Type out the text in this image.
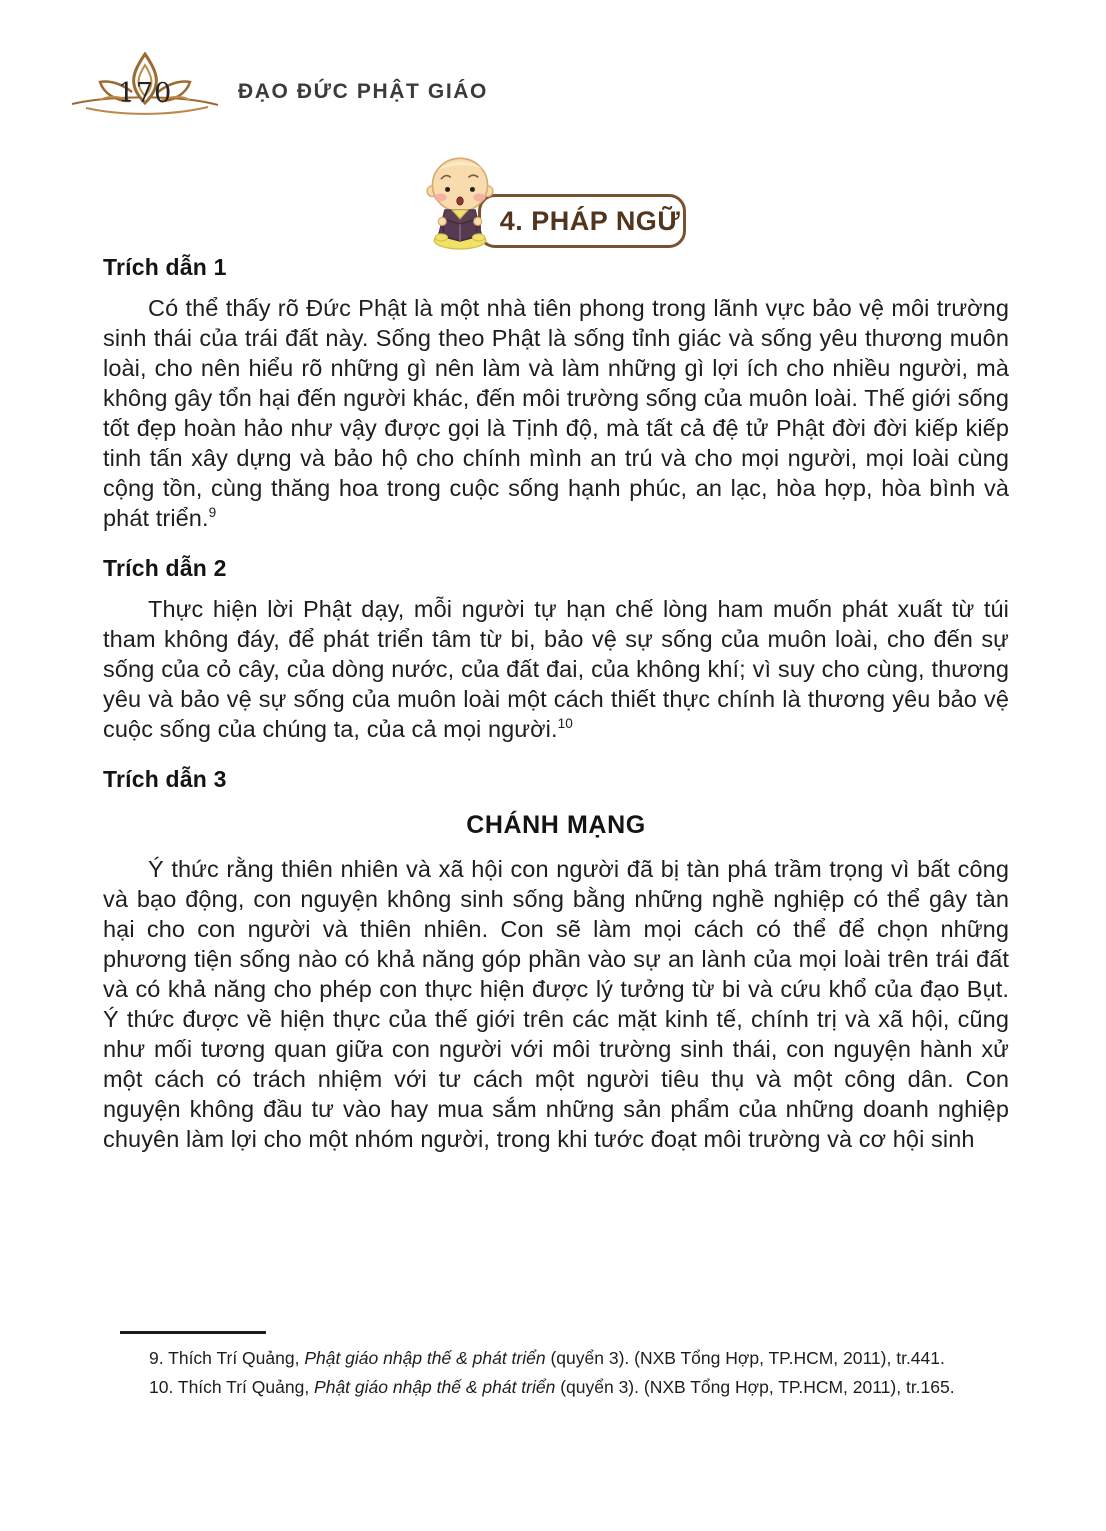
170	ĐẠO ĐỨC PHẬT GIÁO
4. PHÁP NGỮ
Trích dẫn 1

Có thể thấy rõ Đức Phật là một nhà tiên phong trong lãnh vực bảo vệ môi trường sinh thái của trái đất này. Sống theo Phật là sống tỉnh giác và sống yêu thương muôn loài, cho nên hiểu rõ những gì nên làm và làm những gì lợi ích cho nhiều người, mà không gây tổn hại đến người khác, đến môi trường sống của muôn loài. Thế giới sống tốt đẹp hoàn hảo như vậy được gọi là Tịnh độ, mà tất cả đệ tử Phật đời đời kiếp kiếp tinh tấn xây dựng và bảo hộ cho chính mình an trú và cho mọi người, mọi loài cùng cộng tồn, cùng thăng hoa trong cuộc sống hạnh phúc, an lạc, hòa hợp, hòa bình và phát triển.$^9$

Trích dẫn 2

Thực hiện lời Phật dạy, mỗi người tự hạn chế lòng ham muốn phát xuất từ túi tham không đáy, để phát triển tâm từ bi, bảo vệ sự sống của muôn loài, cho đến sự sống của cỏ cây, của dòng nước, của đất đai, của không khí; vì suy cho cùng, thương yêu và bảo vệ sự sống của muôn loài một cách thiết thực chính là thương yêu bảo vệ cuộc sống của chúng ta, của cả mọi người.$^{10}$

Trích dẫn 3
CHÁNH MẠNG

Ý thức rằng thiên nhiên và xã hội con người đã bị tàn phá trầm trọng vì bất công và bạo động, con nguyện không sinh sống bằng những nghề nghiệp có thể gây tàn hại cho con người và thiên nhiên. Con sẽ làm mọi cách có thể để chọn những phương tiện sống nào có khả năng góp phần vào sự an lành của mọi loài trên trái đất và có khả năng cho phép con thực hiện được lý tưởng từ bi và cứu khổ của đạo Bụt. Ý thức được về hiện thực của thế giới trên các mặt kinh tế, chính trị và xã hội, cũng như mối tương quan giữa con người với môi trường sinh thái, con nguyện hành xử một cách có trách nhiệm với tư cách một người tiêu thụ và một công dân. Con nguyện không đầu tư vào hay mua sắm những sản phẩm của những doanh nghiệp chuyên làm lợi cho một nhóm người, trong khi tước đoạt môi trường và cơ hội sinh

9. Thích Trí Quảng, Phật giáo nhập thế & phát triển (quyển 3). (NXB Tổng Hợp, TP.HCM, 2011), tr.441.

10. Thích Trí Quảng, Phật giáo nhập thế & phát triển (quyển 3). (NXB Tổng Hợp, TP.HCM, 2011), tr.165.
